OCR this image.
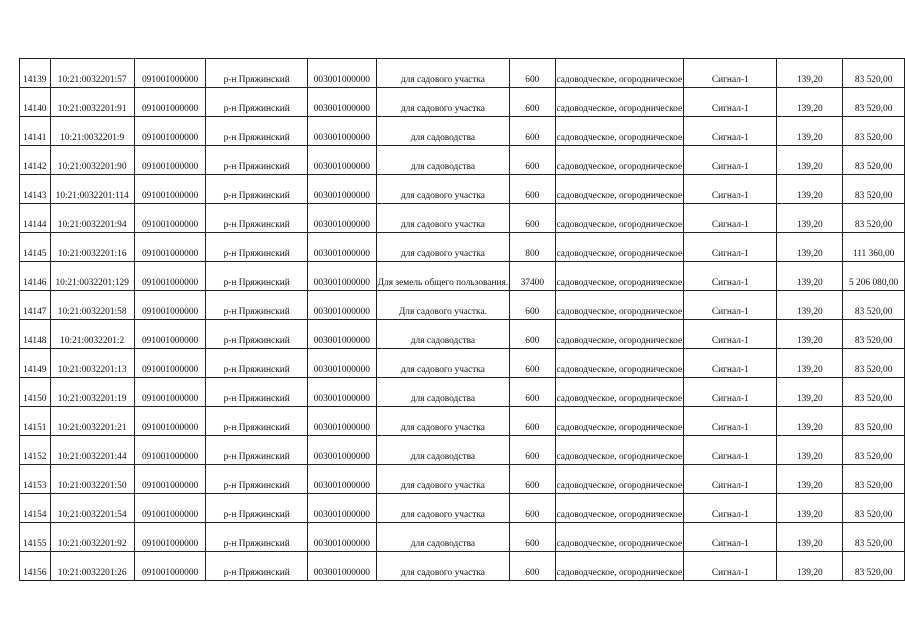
14139	10:21:0032201:57	091001000000	р-н Пряжинский	003001000000	для садового участка	600	садоводческое, огородническое	Сигнал-1	139,20	83 520,00
14140	10:21:0032201:91	091001000000	р-н Пряжинский	003001000000	для садового участка	600	садоводческое, огородническое	Сигнал-1	139,20	83 520,00
14141	10:21:0032201:9	091001000000	р-н Пряжинский	003001000000	для садоводства	600	садоводческое, огородническое	Сигнал-1	139,20	83 520,00
14142	10:21:0032201:90	091001000000	р-н Пряжинский	003001000000	для садоводства	600	садоводческое, огородническое	Сигнал-1	139,20	83 520,00
14143	10:21:0032201:114	091001000000	р-н Пряжинский	003001000000	для садового участка	600	садоводческое, огородническое	Сигнал-1	139,20	83 520,00
14144	10:21:0032201:94	091001000000	р-н Пряжинский	003001000000	для садового участка	600	садоводческое, огородническое	Сигнал-1	139,20	83 520,00
14145	10:21:0032201:16	091001000000	р-н Пряжинский	003001000000	для садового участка	800	садоводческое, огородническое	Сигнал-1	139,20	111 360,00
14146	10:21:0032201:129	091001000000	р-н Пряжинский	003001000000	Для земель общего пользования.	37400	садоводческое, огородническое	Сигнал-1	139,20	5 206 080,00
14147	10:21:0032201:58	091001000000	р-н Пряжинский	003001000000	Для садового участка.	600	садоводческое, огородническое	Сигнал-1	139,20	83 520,00
14148	10:21:0032201:2	091001000000	р-н Пряжинский	003001000000	для садоводства	600	садоводческое, огородническое	Сигнал-1	139,20	83 520,00
14149	10:21:0032201:13	091001000000	р-н Пряжинский	003001000000	для садового участка	600	садоводческое, огородническое	Сигнал-1	139,20	83 520,00
14150	10:21:0032201:19	091001000000	р-н Пряжинский	003001000000	для садоводства	600	садоводческое, огородническое	Сигнал-1	139,20	83 520,00
14151	10:21:0032201:21	091001000000	р-н Пряжинский	003001000000	для садового участка	600	садоводческое, огородническое	Сигнал-1	139,20	83 520,00
14152	10:21:0032201:44	091001000000	р-н Пряжинский	003001000000	для садоводства	600	садоводческое, огородническое	Сигнал-1	139,20	83 520,00
14153	10:21:0032201:50	091001000000	р-н Пряжинский	003001000000	для садового участка	600	садоводческое, огородническое	Сигнал-1	139,20	83 520,00
14154	10:21:0032201:54	091001000000	р-н Пряжинский	003001000000	для садового участка	600	садоводческое, огородническое	Сигнал-1	139,20	83 520,00
14155	10:21:0032201:92	091001000000	р-н Пряжинский	003001000000	для садоводства	600	садоводческое, огородническое	Сигнал-1	139,20	83 520,00
14156	10:21:0032201:26	091001000000	р-н Пряжинский	003001000000	для садового участка	600	садоводческое, огородническое	Сигнал-1	139,20	83 520,00
